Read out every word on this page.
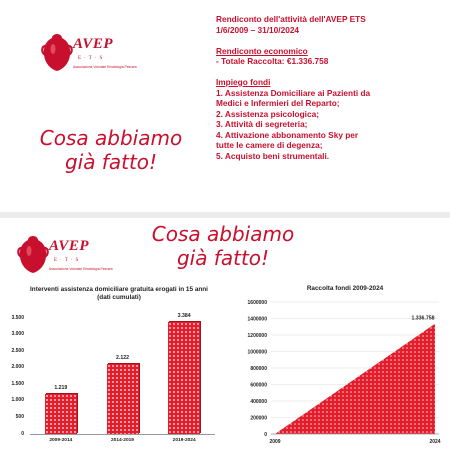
AVEP
E·T·S
Associazione Volontari Ematologia Pescara
Cosa abbiamo
già fatto!
Rendiconto dell'attività dell'AVEP ETS
1/6/2009 – 31/10/2024
Rendiconto economico
- Totale Raccolta: €1.336.758
Impiego fondi
1. Assistenza Domiciliare ai Pazienti da
Medici e Infermieri del Reparto;
2. Assistenza psicologica;
3. Attività di segreteria;
4. Attivazione abbonamento Sky per
tutte le camere di degenza;
5. Acquisto beni strumentali.
AVEP
E·T·S
Associazione Volontari Ematologia Pescara
Cosa abbiamo
già fatto!
Interventi assistenza domiciliare gratuita erogati in 15 anni (dati cumulati)
0
500
1.000
1.500
2.000
2.500
3.000
3.500
1.219
2009-2014
2.122
2014-2019
3.384
2019-2024
Raccolta fondi 2009-2024
0
200000
400000
600000
800000
1000000
1200000
1400000
1600000
1.336.758
2009	2024
